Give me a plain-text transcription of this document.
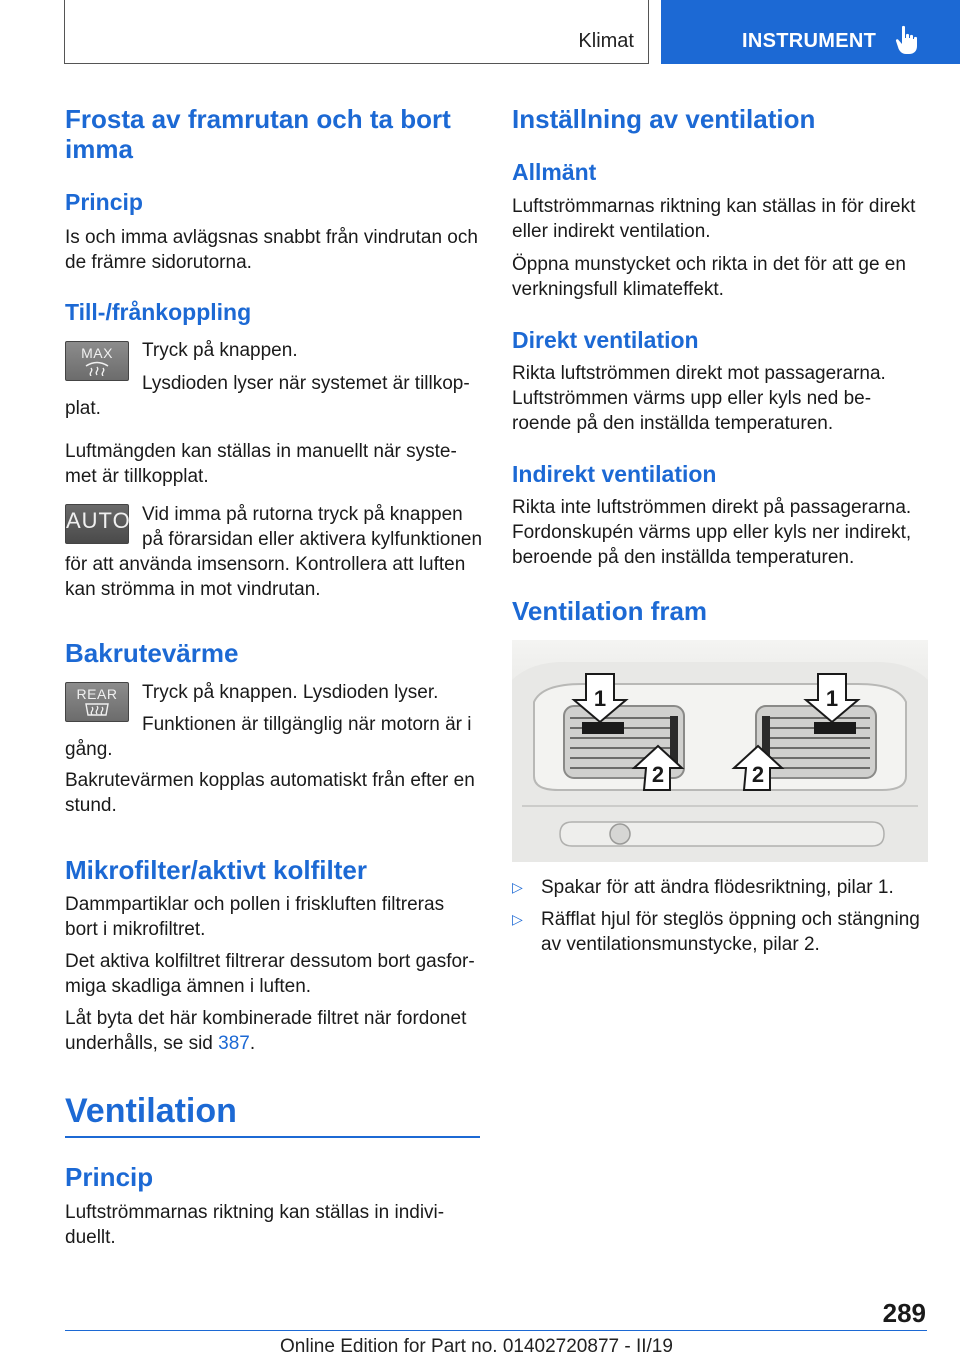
Klimat	INSTRUMENT
Frosta av framrutan och ta bort imma
Princip
Is och imma avlägsnas snabbt från vindrutan och
de främre sidorutorna.
Till-/frånkoppling
MAX	Tryck på knappen.
Lysdioden lyser när systemet är tillkop-
plat.
Luftmängden kan ställas in manuellt när syste-
met är tillkopplat.
AUTO Vid imma på rutorna tryck på knappen
på förarsidan eller aktivera kylfunktionen
för att använda imsensorn. Kontrollera att luften
kan strömma in mot vindrutan.
Bakrutevärme
REAR	Tryck på knappen. Lysdioden lyser.
Funktionen är tillgänglig när motorn är i
gång.
Bakrutevärmen kopplas automatiskt från efter en
stund.
Mikrofilter/aktivt kolfilter
Dammpartiklar och pollen i friskluften filtreras
bort i mikrofiltret.
Det aktiva kolfiltret filtrerar dessutom bort gasfor-
miga skadliga ämnen i luften.
Låt byta det här kombinerade filtret när fordonet
underhålls, se sid 387.
Ventilation
Princip
Luftströmmarnas riktning kan ställas in indivi-
duellt.
Inställning av ventilation
Allmänt
Luftströmmarnas riktning kan ställas in för direkt
eller indirekt ventilation.
Öppna munstycket och rikta in det för att ge en
verkningsfull klimateffekt.
Direkt ventilation
Rikta luftströmmen direkt mot passagerarna.
Luftströmmen värms upp eller kyls ned be-
roende på den inställda temperaturen.
Indirekt ventilation
Rikta inte luftströmmen direkt på passagerarna.
Fordonskupén värms upp eller kyls ner indirekt,
beroende på den inställda temperaturen.
Ventilation fram
1	1
2	2
▷ Spakar för att ändra flödesriktning, pilar 1.
▷ Räfflat hjul för steglös öppning och stängning
av ventilationsmunstycke, pilar 2.
289
Online Edition for Part no. 01402720877 - II/19
